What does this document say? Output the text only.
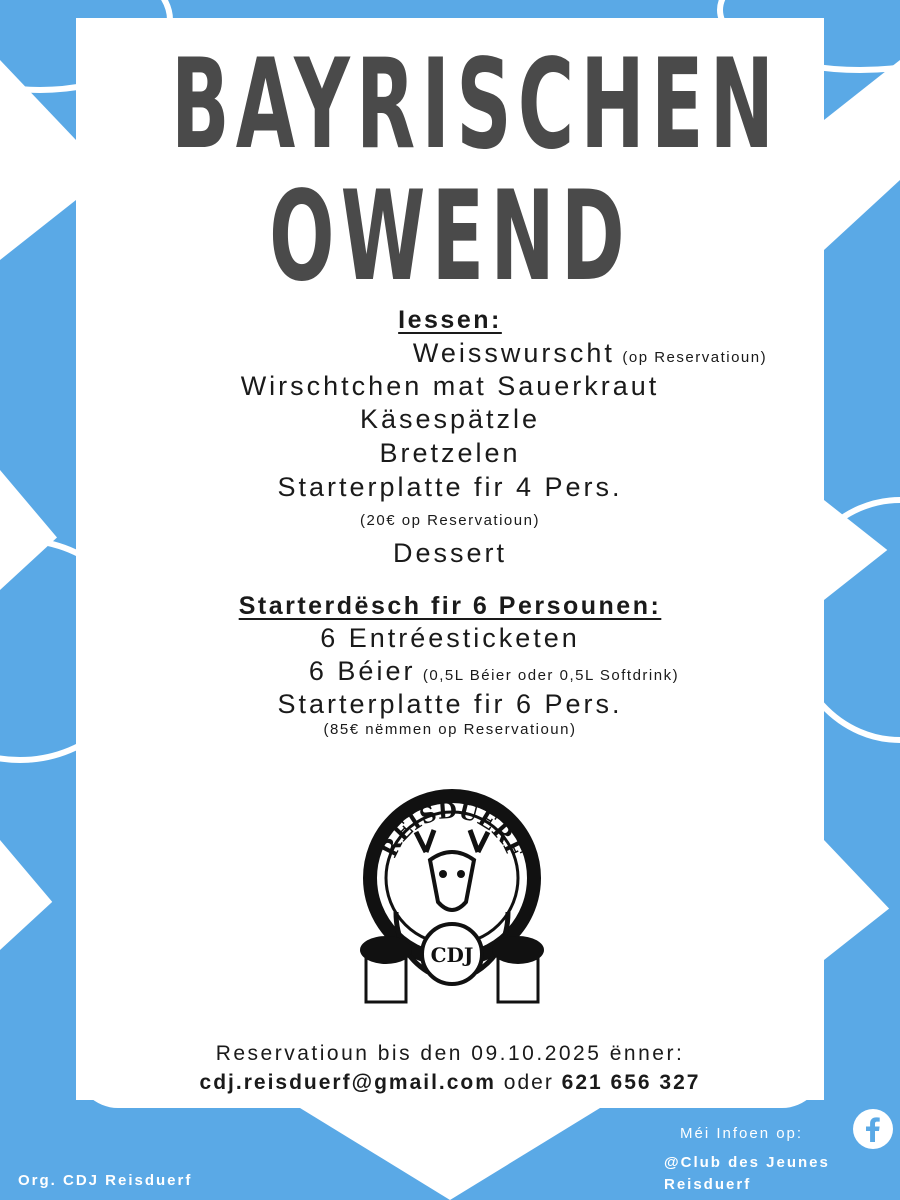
BAYRISCHEN
OWEND
Iessen:
Weisswurscht (op Reservatioun)
Wirschtchen mat Sauerkraut
Käsespätzle
Bretzelen
Starterplatte fir 4 Pers.
(20€ op Reservatioun)
Dessert
Starterdësch fir 6 Persounen:
6 Entréesticketen
6 Béier (0,5L Béier oder 0,5L Softdrink)
Starterplatte fir 6 Pers.
(85€ nëmmen op Reservatioun)
REISDUERF
CDJ
Reservatioun bis den 09.10.2025 ënner:
cdj.reisduerf@gmail.com oder 621 656 327
Org. CDJ Reisduerf
Méi Infoen op:
@Club des Jeunes
Reisduerf
